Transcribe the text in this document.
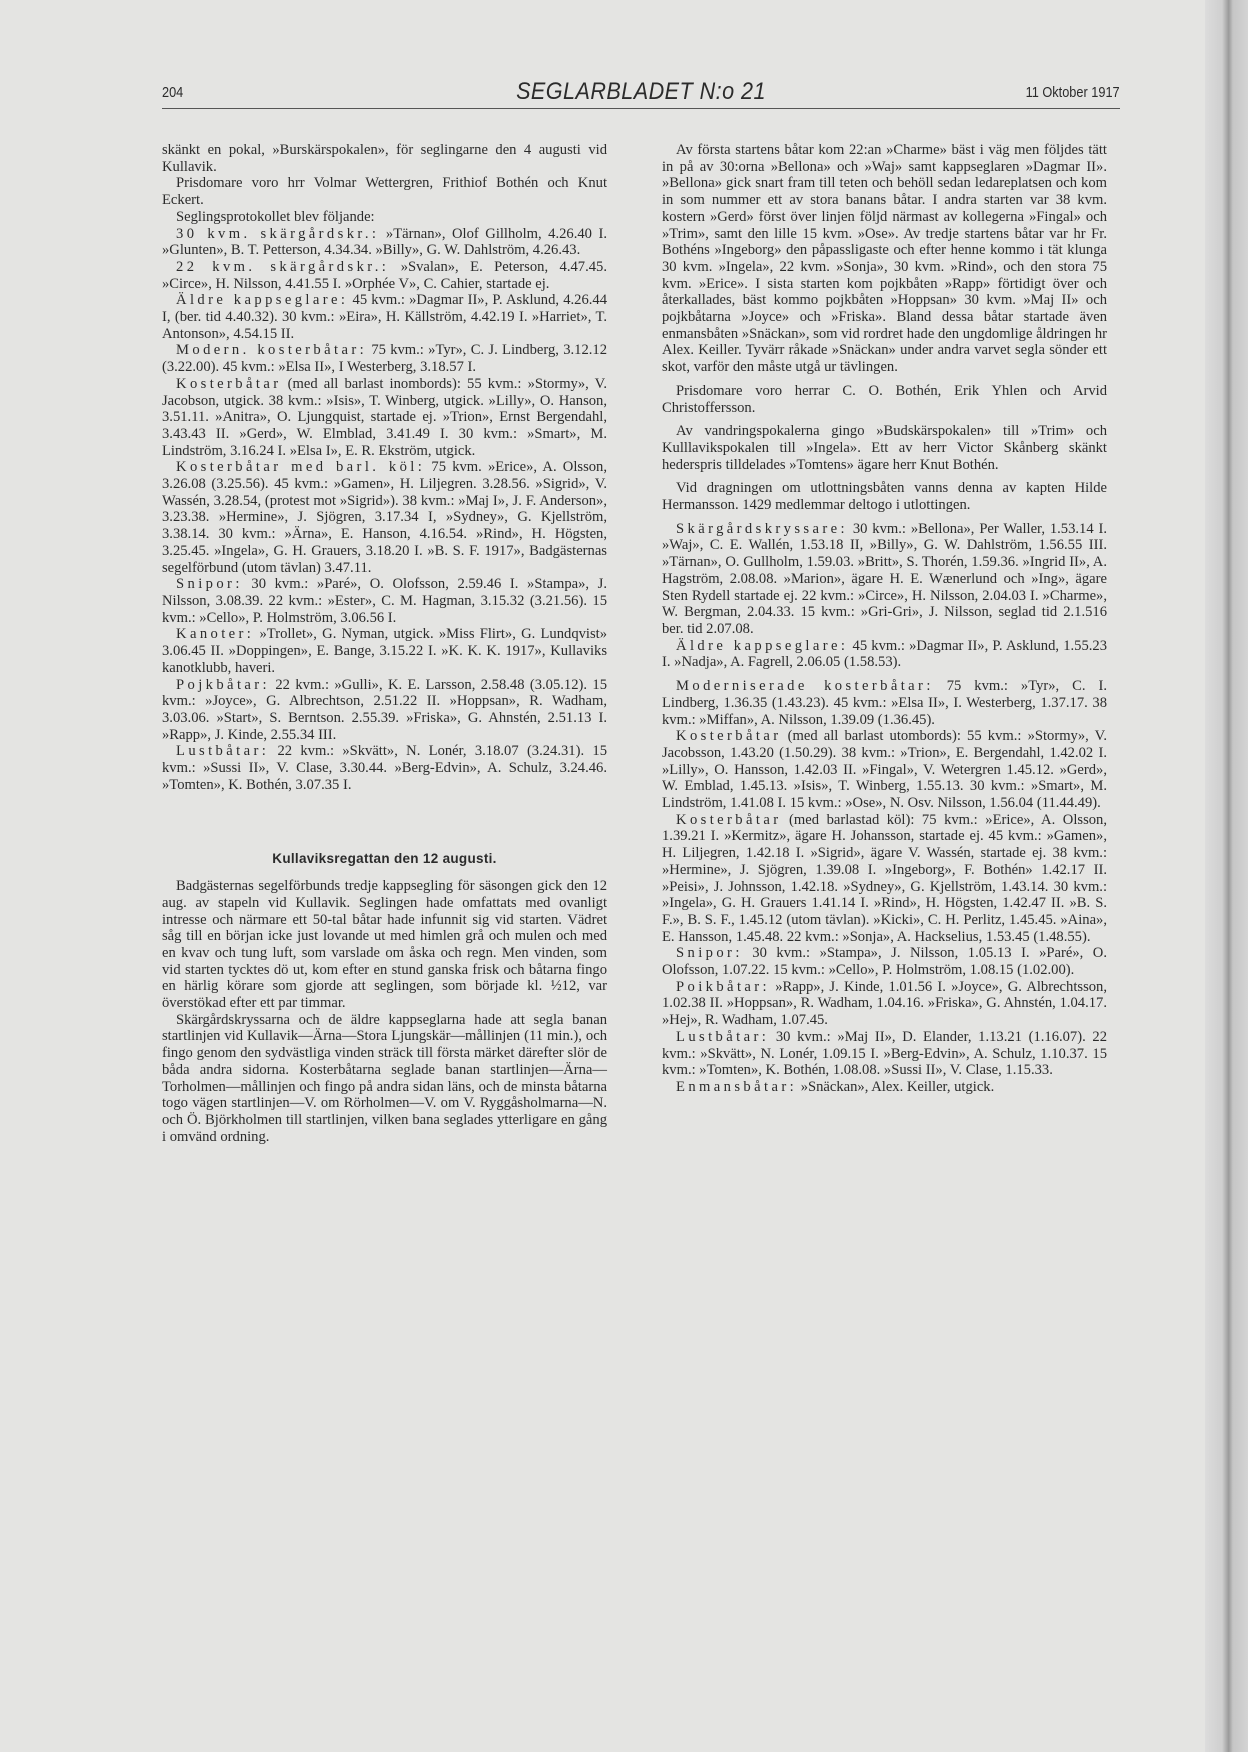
204	SEGLARBLADET N:o 21	11 Oktober 1917

skänkt en pokal, »Burskärspokalen», för seglingarne den 4 augusti vid Kullavik.

Prisdomare voro hrr Volmar Wettergren, Frithiof Bothén och Knut Eckert.

Seglingsprotokollet blev följande:

30 kvm. skärgårdskr.: »Tärnan», Olof Gillholm, 4.26.40 I. »Glunten», B. T. Petterson, 4.34.34. »Billy», G. W. Dahlström, 4.26.43.

22 kvm. skärgårdskr.: »Svalan», E. Peterson, 4.47.45. »Circe», H. Nilsson, 4.41.55 I. »Orphée V», C. Cahier, startade ej.

Äldre kappseglare: 45 kvm.: »Dagmar II», P. Asklund, 4.26.44 I, (ber. tid 4.40.32). 30 kvm.: »Eira», H. Källström, 4.42.19 I. »Harriet», T. Antonson», 4.54.15 II.

Modern. kosterbåtar: 75 kvm.: »Tyr», C. J. Lindberg, 3.12.12 (3.22.00). 45 kvm.: »Elsa II», I Westerberg, 3.18.57 I.

Kosterbåtar (med all barlast inombords): 55 kvm.: »Stormy», V. Jacobson, utgick. 38 kvm.: »Isis», T. Winberg, utgick. »Lilly», O. Hanson, 3.51.11. »Anitra», O. Ljungquist, startade ej. »Trion», Ernst Bergendahl, 3.43.43 II. »Gerd», W. Elmblad, 3.41.49 I. 30 kvm.: »Smart», M. Lindström, 3.16.24 I. »Elsa I», E. R. Ekström, utgick.

Kosterbåtar med barl. köl: 75 kvm. »Erice», A. Olsson, 3.26.08 (3.25.56). 45 kvm.: »Gamen», H. Liljegren. 3.28.56. »Sigrid», V. Wassén, 3.28.54, (protest mot »Sigrid»). 38 kvm.: »Maj I», J. F. Anderson», 3.23.38. »Hermine», J. Sjögren, 3.17.34 I, »Sydney», G. Kjellström, 3.38.14. 30 kvm.: »Ärna», E. Hanson, 4.16.54. »Rind», H. Högsten, 3.25.45. »Ingela», G. H. Grauers, 3.18.20 I. »B. S. F. 1917», Badgästernas segelförbund (utom tävlan) 3.47.11.

Snipor: 30 kvm.: »Paré», O. Olofsson, 2.59.46 I. »Stampa», J. Nilsson, 3.08.39. 22 kvm.: »Ester», C. M. Hagman, 3.15.32 (3.21.56). 15 kvm.: »Cello», P. Holmström, 3.06.56 I.

Kanoter: »Trollet», G. Nyman, utgick. »Miss Flirt», G. Lundqvist» 3.06.45 II. »Doppingen», E. Bange, 3.15.22 I. »K. K. K. 1917», Kullaviks kanotklubb, haveri.

Pojkbåtar: 22 kvm.: »Gulli», K. E. Larsson, 2.58.48 (3.05.12). 15 kvm.: »Joyce», G. Albrechtson, 2.51.22 II. »Hoppsan», R. Wadham, 3.03.06. »Start», S. Berntson. 2.55.39. »Friska», G. Ahnstén, 2.51.13 I. »Rapp», J. Kinde, 2.55.34 III.

Lustbåtar: 22 kvm.: »Skvätt», N. Lonér, 3.18.07 (3.24.31). 15 kvm.: »Sussi II», V. Clase, 3.30.44. »Berg-Edvin», A. Schulz, 3.24.46. »Tomten», K. Bothén, 3.07.35 I.

Kullaviksregattan den 12 augusti.

Badgästernas segelförbunds tredje kappsegling för säsongen gick den 12 aug. av stapeln vid Kullavik. Seglingen hade omfattats med ovanligt intresse och närmare ett 50-tal båtar hade infunnit sig vid starten. Vädret såg till en början icke just lovande ut med himlen grå och mulen och med en kvav och tung luft, som varslade om åska och regn. Men vinden, som vid starten tycktes dö ut, kom efter en stund ganska frisk och båtarna fingo en härlig körare som gjorde att seglingen, som började kl. ½12, var överstökad efter ett par timmar.

Skärgårdskryssarna och de äldre kappseglarna hade att segla banan startlinjen vid Kullavik—Ärna—Stora Ljungskär—mållinjen (11 min.), och fingo genom den sydvästliga vinden sträck till första märket därefter slör de båda andra sidorna. Kosterbåtarna seglade banan startlinjen—Ärna—Torholmen—mållinjen och fingo på andra sidan läns, och de minsta båtarna togo vägen startlinjen—V. om Rörholmen—V. om V. Ryggåsholmarna—N. och Ö. Björkholmen till startlinjen, vilken bana seglades ytterligare en gång i omvänd ordning.

Av första startens båtar kom 22:an »Charme» bäst i väg men följdes tätt in på av 30:orna »Bellona» och »Waj» samt kappseglaren »Dagmar II». »Bellona» gick snart fram till teten och behöll sedan ledareplatsen och kom in som nummer ett av stora banans båtar. I andra starten var 38 kvm. kostern »Gerd» först över linjen följd närmast av kollegerna »Fingal» och »Trim», samt den lille 15 kvm. »Ose». Av tredje startens båtar var hr Fr. Bothéns »Ingeborg» den påpassligaste och efter henne kommo i tät klunga 30 kvm. »Ingela», 22 kvm. »Sonja», 30 kvm. »Rind», och den stora 75 kvm. »Erice». I sista starten kom pojkbåten »Rapp» förtidigt över och återkallades, bäst kommo pojkbåten »Hoppsan» 30 kvm. »Maj II» och pojkbåtarna »Joyce» och »Friska». Bland dessa båtar startade även enmansbåten »Snäckan», som vid rordret hade den ungdomlige åldringen hr Alex. Keiller. Tyvärr råkade »Snäckan» under andra varvet segla sönder ett skot, varför den måste utgå ur tävlingen.

Prisdomare voro herrar C. O. Bothén, Erik Yhlen och Arvid Christoffersson.

Av vandringspokalerna gingo »Budskärspokalen» till »Trim» och Kulllavikspokalen till »Ingela». Ett av herr Victor Skånberg skänkt hederspris tilldelades »Tomtens» ägare herr Knut Bothén.

Vid dragningen om utlottningsbåten vanns denna av kapten Hilde Hermansson. 1429 medlemmar deltogo i utlottingen.

Skärgårdskryssare: 30 kvm.: »Bellona», Per Waller, 1.53.14 I. »Waj», C. E. Wallén, 1.53.18 II, »Billy», G. W. Dahlström, 1.56.55 III. »Tärnan», O. Gullholm, 1.59.03. »Britt», S. Thorén, 1.59.36. »Ingrid II», A. Hagström, 2.08.08. »Marion», ägare H. E. Wænerlund och »Ing», ägare Sten Rydell startade ej. 22 kvm.: »Circe», H. Nilsson, 2.04.03 I. »Charme», W. Bergman, 2.04.33. 15 kvm.: »Gri-Gri», J. Nilsson, seglad tid 2.1.516 ber. tid 2.07.08.

Äldre kappseglare: 45 kvm.: »Dagmar II», P. Asklund, 1.55.23 I. »Nadja», A. Fagrell, 2.06.05 (1.58.53).

Moderniserade kosterbåtar: 75 kvm.: »Tyr», C. I. Lindberg, 1.36.35 (1.43.23). 45 kvm.: »Elsa II», I. Westerberg, 1.37.17. 38 kvm.: »Miffan», A. Nilsson, 1.39.09 (1.36.45).

Kosterbåtar (med all barlast utombords): 55 kvm.: »Stormy», V. Jacobsson, 1.43.20 (1.50.29). 38 kvm.: »Trion», E. Bergendahl, 1.42.02 I. »Lilly», O. Hansson, 1.42.03 II. »Fingal», V. Wetergren 1.45.12. »Gerd», W. Emblad, 1.45.13. »Isis», T. Winberg, 1.55.13. 30 kvm.: »Smart», M. Lindström, 1.41.08 I. 15 kvm.: »Ose», N. Osv. Nilsson, 1.56.04 (11.44.49).

Kosterbåtar (med barlastad köl): 75 kvm.: »Erice», A. Olsson, 1.39.21 I. »Kermitz», ägare H. Johansson, startade ej. 45 kvm.: »Gamen», H. Liljegren, 1.42.18 I. »Sigrid», ägare V. Wassén, startade ej. 38 kvm.: »Hermine», J. Sjögren, 1.39.08 I. »Ingeborg», F. Bothén» 1.42.17 II. »Peisi», J. Johnsson, 1.42.18. »Sydney», G. Kjellström, 1.43.14. 30 kvm.: »Ingela», G. H. Grauers 1.41.14 I. »Rind», H. Högsten, 1.42.47 II. »B. S. F.», B. S. F., 1.45.12 (utom tävlan). »Kicki», C. H. Perlitz, 1.45.45. »Aina», E. Hansson, 1.45.48. 22 kvm.: »Sonja», A. Hackselius, 1.53.45 (1.48.55).

Snipor: 30 kvm.: »Stampa», J. Nilsson, 1.05.13 I. »Paré», O. Olofsson, 1.07.22. 15 kvm.: »Cello», P. Holmström, 1.08.15 (1.02.00).

Poikbåtar: »Rapp», J. Kinde, 1.01.56 I. »Joyce», G. Albrechtsson, 1.02.38 II. »Hoppsan», R. Wadham, 1.04.16. »Friska», G. Ahnstén, 1.04.17. »Hej», R. Wadham, 1.07.45.

Lustbåtar: 30 kvm.: »Maj II», D. Elander, 1.13.21 (1.16.07). 22 kvm.: »Skvätt», N. Lonér, 1.09.15 I. »Berg-Edvin», A. Schulz, 1.10.37. 15 kvm.: »Tomten», K. Bothén, 1.08.08. »Sussi II», V. Clase, 1.15.33.

Enmansbåtar: »Snäckan», Alex. Keiller, utgick.
